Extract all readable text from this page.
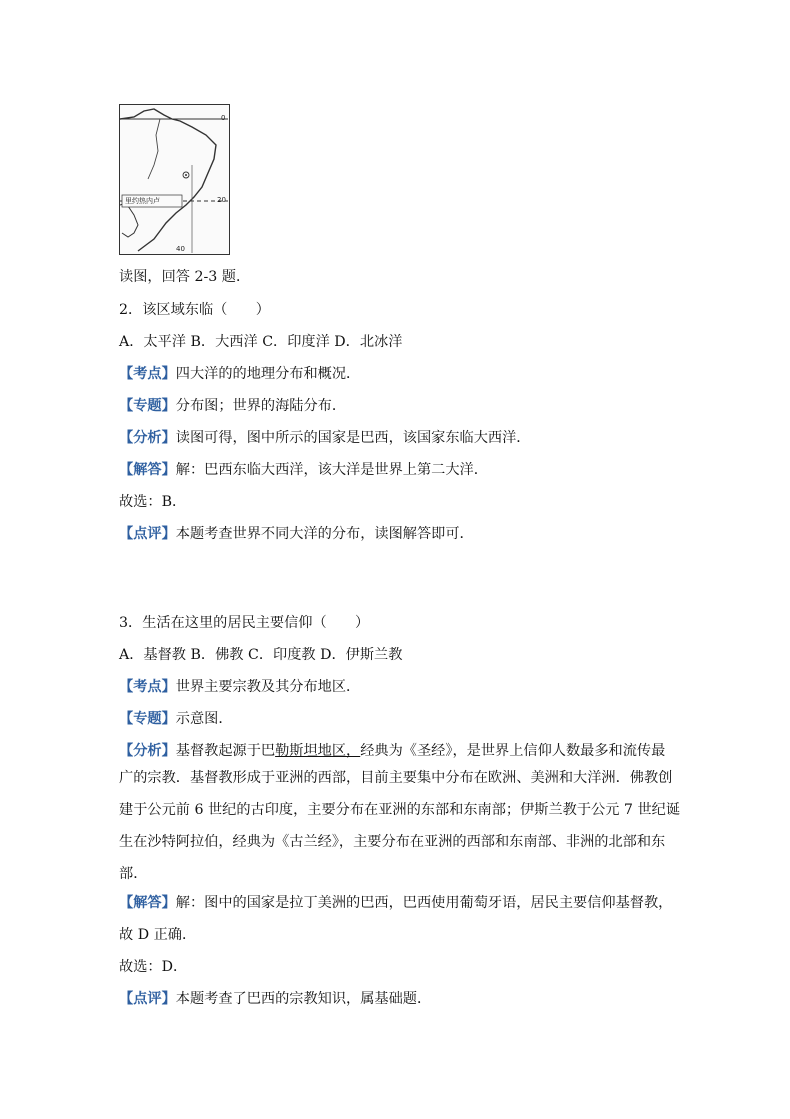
0
20
40
里约热内卢
读图，回答 2-3 题．
2．该区域东临（　　）
A．太平洋 B．大西洋 C．印度洋 D．北冰洋
【考点】四大洋的的地理分布和概况．
【专题】分布图；世界的海陆分布．
【分析】读图可得，图中所示的国家是巴西，该国家东临大西洋．
【解答】解：巴西东临大西洋，该大洋是世界上第二大洋．
故选：B．
【点评】本题考查世界不同大洋的分布，读图解答即可．
3．生活在这里的居民主要信仰（　　）
A．基督教 B．佛教 C．印度教 D．伊斯兰教
【考点】世界主要宗教及其分布地区．
【专题】示意图．
【分析】基督教起源于巴勒斯坦地区，经典为《圣经》，是世界上信仰人数最多和流传最
广的宗教．基督教形成于亚洲的西部，目前主要集中分布在欧洲、美洲和大洋洲．佛教创
建于公元前 6 世纪的古印度，主要分布在亚洲的东部和东南部；伊斯兰教于公元 7 世纪诞
生在沙特阿拉伯，经典为《古兰经》，主要分布在亚洲的西部和东南部、非洲的北部和东
部．
【解答】解：图中的国家是拉丁美洲的巴西，巴西使用葡萄牙语，居民主要信仰基督教，
故 D 正确．
故选：D．
【点评】本题考查了巴西的宗教知识，属基础题．
